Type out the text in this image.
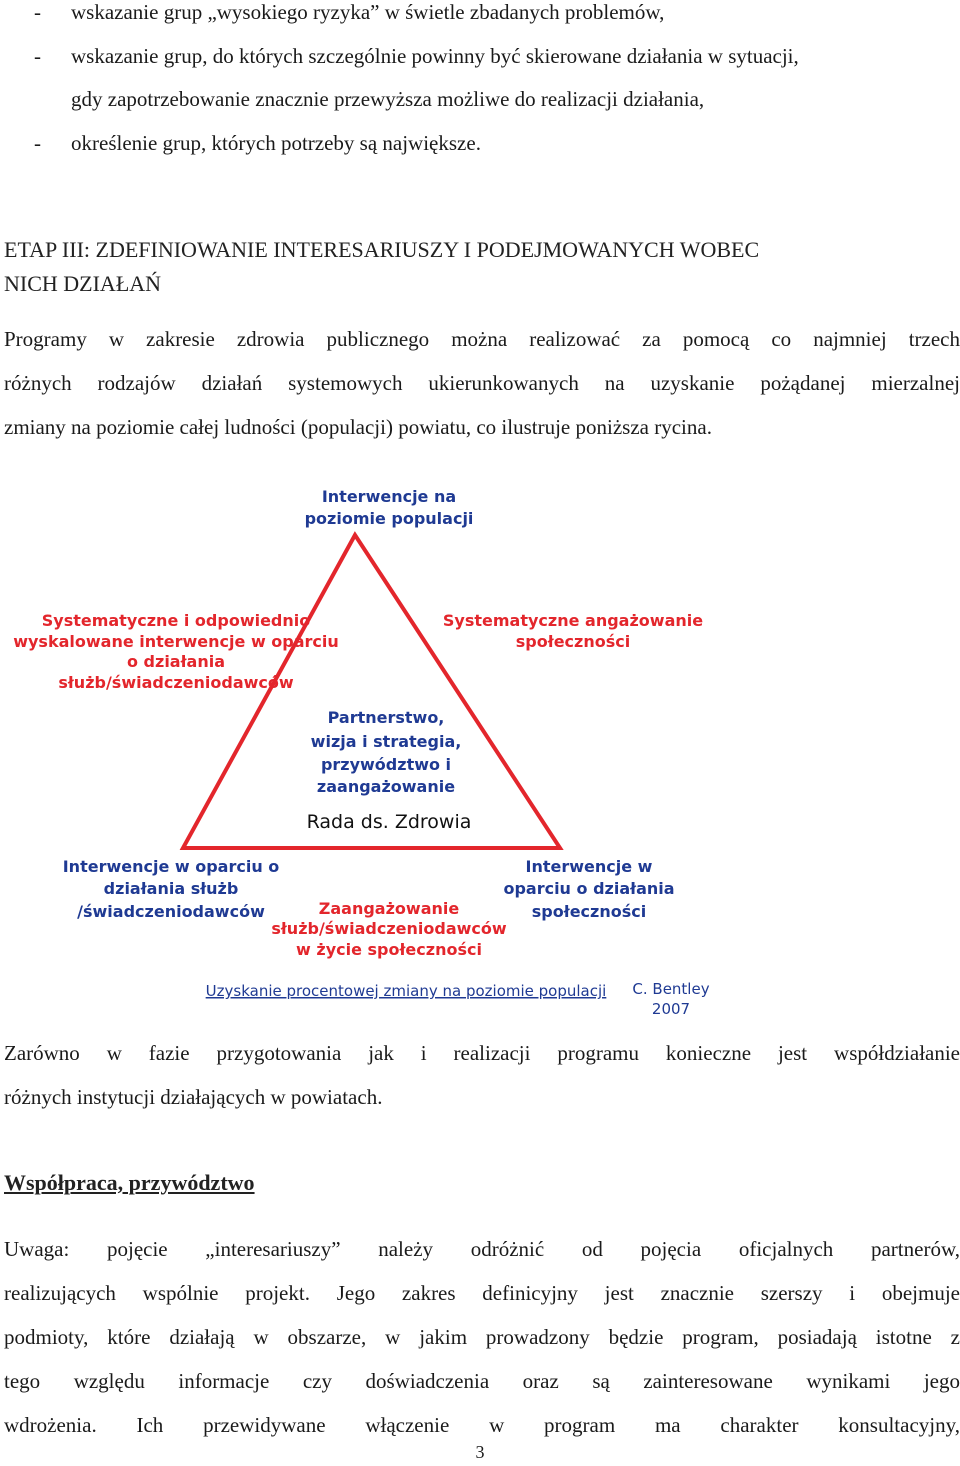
- wskazanie grup „wysokiego ryzyka” w świetle zbadanych problemów,
- wskazanie grup, do których szczególnie powinny być skierowane działania w sytuacji,
gdy zapotrzebowanie znacznie przewyższa możliwe do realizacji działania,
- określenie grup, których potrzeby są największe.
ETAP III: ZDEFINIOWANIE INTERESARIUSZY I PODEJMOWANYCH WOBEC
NICH DZIAŁAŃ
Programy w zakresie zdrowia publicznego można realizować za pomocą co najmniej trzech
różnych rodzajów działań systemowych ukierunkowanych na uzyskanie pożądanej mierzalnej
zmiany na poziomie całej ludności (populacji) powiatu, co ilustruje poniższa rycina.
Interwencje na
poziomie populacji
Systematyczne i odpowiednio
wyskalowane interwencje w oparciu
o działania
służb/świadczeniodawców
Systematyczne angażowanie
społeczności
Partnerstwo,
wizja i strategia,
przywództwo i
zaangażowanie
Rada ds. Zdrowia
Interwencje w oparciu o
działania służb
/świadczeniodawców
Interwencje w
oparciu o działania
społeczności
Zaangażowanie
służb/świadczeniodawców
w życie społeczności
Uzyskanie procentowej zmiany na poziomie populacji C. Bentley
2007
Zarówno w fazie przygotowania jak i realizacji programu konieczne jest współdziałanie
różnych instytucji działających w powiatach.
Współpraca, przywództwo
Uwaga: pojęcie „interesariuszy” należy odróżnić od pojęcia oficjalnych partnerów,
realizujących wspólnie projekt. Jego zakres definicyjny jest znacznie szerszy i obejmuje
podmioty, które działają w obszarze, w jakim prowadzony będzie program, posiadają istotne z
tego względu informacje czy doświadczenia oraz są zainteresowane wynikami jego
wdrożenia. Ich przewidywane włączenie w program ma charakter konsultacyjny,
3
